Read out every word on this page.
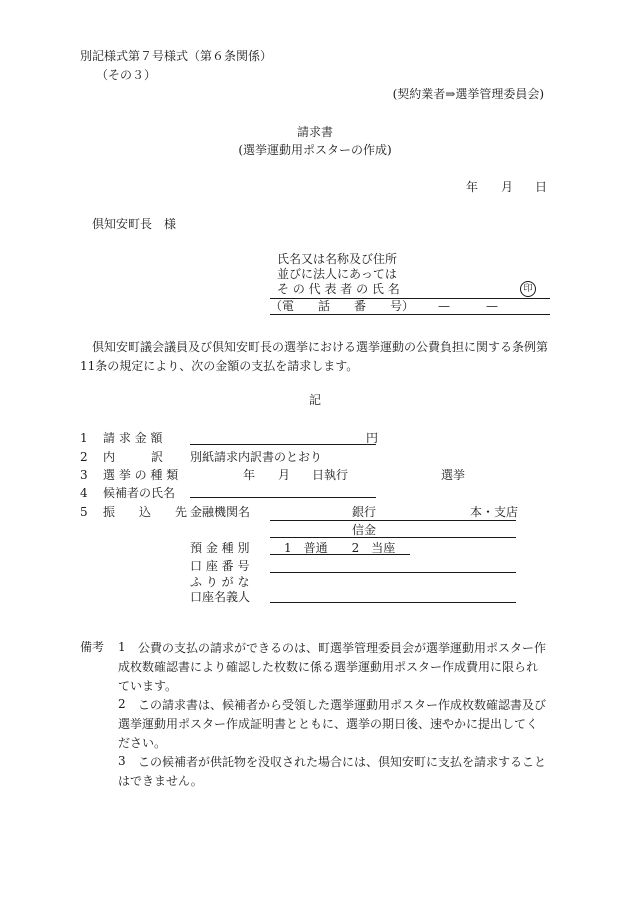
別記様式第７号様式（第６条関係）
（その３）
(契約業者⇒選挙管理委員会)
請求書
(選挙運動用ポスターの作成)
年 月 日
倶知安町長　様
氏名又は名称及び住所
並びに法人にあっては
そ の 代 表 者 の 氏 名	印
（電　　話　　番　　号） —　　　—
倶知安町議会議員及び倶知安町長の選挙における選挙運動の公費負担に関する条例第11条の規定により、次の金額の支払を請求します。
記
1 請 求 金 額	円
2 内　　　訳 別紙請求内訳書のとおり
3 選 挙 の 種 類	年 月 日執行	選挙
4 候補者の氏名
5 振　　込　　先 金融機関名	銀行	本・支店
信金
預 金 種 別	1　普通　　2　当座
口 座 番 号
ふ り が な
口座名義人
備考 1	公費の支払の請求ができるのは、町選挙管理委員会が選挙運動用ポスター作成枚数確認書により確認した枚数に係る選挙運動用ポスター作成費用に限られています。
2	この請求書は、候補者から受領した選挙運動用ポスター作成枚数確認書及び選挙運動用ポスター作成証明書とともに、選挙の期日後、速やかに提出してください。
3	この候補者が供託物を没収された場合には、倶知安町に支払を請求することはできません。
